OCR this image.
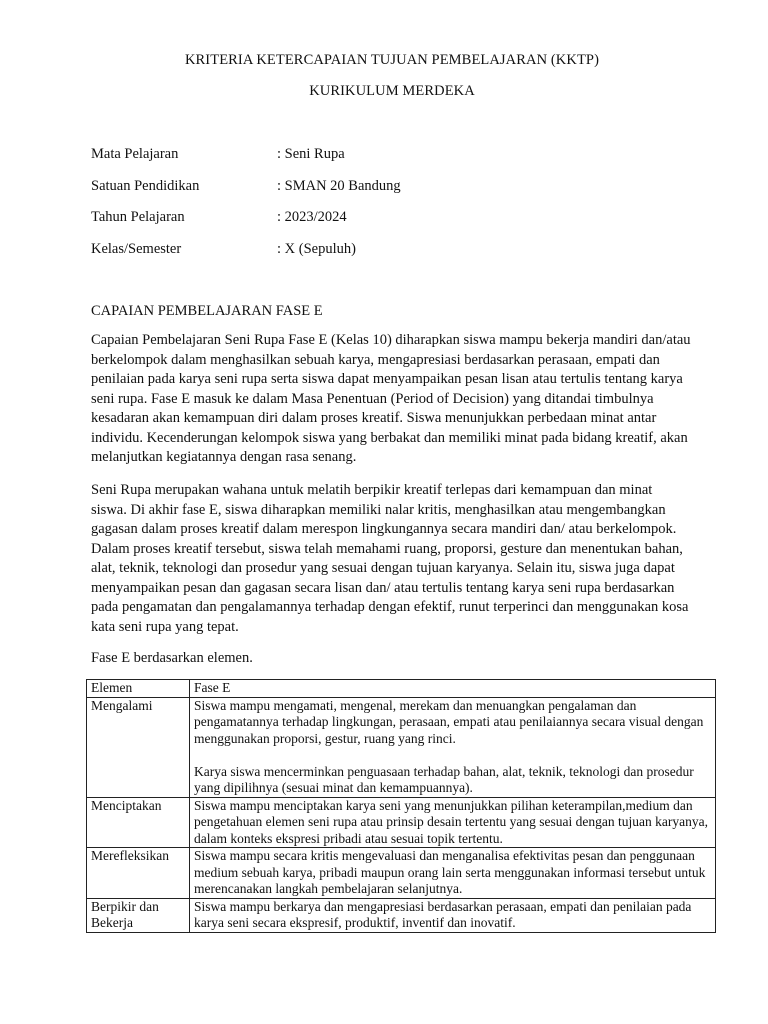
KRITERIA KETERCAPAIAN TUJUAN PEMBELAJARAN (KKTP)
KURIKULUM MERDEKA
Mata Pelajaran	: Seni Rupa
Satuan Pendidikan	: SMAN 20 Bandung
Tahun Pelajaran	: 2023/2024
Kelas/Semester	: X (Sepuluh)
CAPAIAN PEMBELAJARAN FASE E

Capaian Pembelajaran Seni Rupa Fase E (Kelas 10) diharapkan siswa mampu bekerja mandiri dan/atau berkelompok dalam menghasilkan sebuah karya, mengapresiasi berdasarkan perasaan, empati dan penilaian pada karya seni rupa serta siswa dapat menyampaikan pesan lisan atau tertulis tentang karya seni rupa. Fase E masuk ke dalam Masa Penentuan (Period of Decision) yang ditandai timbulnya kesadaran akan kemampuan diri dalam proses kreatif. Siswa menunjukkan perbedaan minat antar individu. Kecenderungan kelompok siswa yang berbakat dan memiliki minat pada bidang kreatif, akan melanjutkan kegiatannya dengan rasa senang.

Seni Rupa merupakan wahana untuk melatih berpikir kreatif terlepas dari kemampuan dan minat siswa. Di akhir fase E, siswa diharapkan memiliki nalar kritis, menghasilkan atau mengembangkan gagasan dalam proses kreatif dalam merespon lingkungannya secara mandiri dan/ atau berkelompok. Dalam proses kreatif tersebut, siswa telah memahami ruang, proporsi, gesture dan menentukan bahan, alat, teknik, teknologi dan prosedur yang sesuai dengan tujuan karyanya. Selain itu, siswa juga dapat menyampaikan pesan dan gagasan secara lisan dan/ atau tertulis tentang karya seni rupa berdasarkan pada pengamatan dan pengalamannya terhadap dengan efektif, runut terperinci dan menggunakan kosa kata seni rupa yang tepat.

Fase E berdasarkan elemen.

Elemen	Fase E
Mengalami	Siswa mampu mengamati, mengenal, merekam dan menuangkan pengalaman dan pengamatannya terhadap lingkungan, perasaan, empati atau penilaiannya secara visual dengan menggunakan proporsi, gestur, ruang yang rinci.

Karya siswa mencerminkan penguasaan terhadap bahan, alat, teknik, teknologi dan prosedur yang dipilihnya (sesuai minat dan kemampuannya).

Menciptakan	Siswa mampu menciptakan karya seni yang menunjukkan pilihan keterampilan,medium dan pengetahuan elemen seni rupa atau prinsip desain tertentu yang sesuai dengan tujuan karyanya, dalam konteks ekspresi pribadi atau sesuai topik tertentu.

Merefleksikan	Siswa mampu secara kritis mengevaluasi dan menganalisa efektivitas pesan dan penggunaan medium sebuah karya, pribadi maupun orang lain serta menggunakan informasi tersebut untuk merencanakan langkah pembelajaran selanjutnya.

Berpikir dan Bekerja	Siswa mampu berkarya dan mengapresiasi berdasarkan perasaan, empati dan penilaian pada karya seni secara ekspresif, produktif, inventif dan inovatif.
